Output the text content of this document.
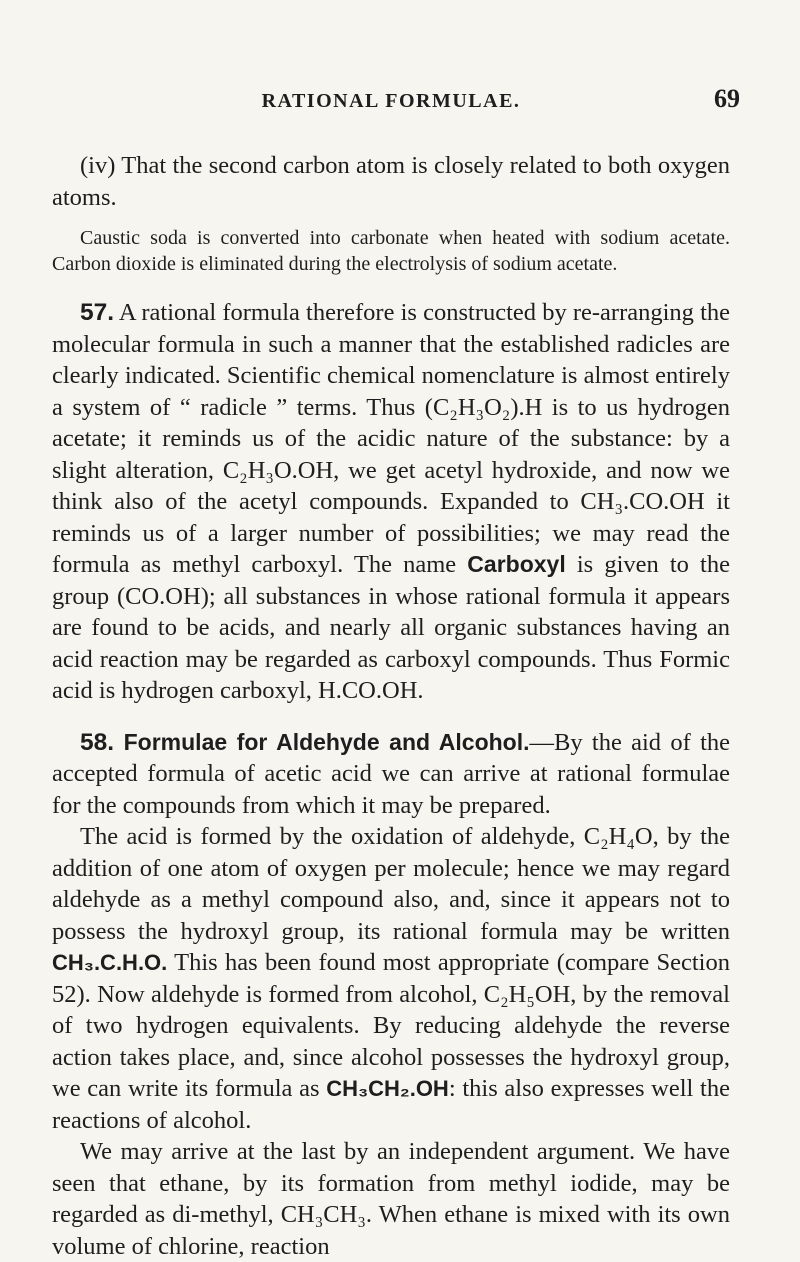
RATIONAL FORMULAE.	69

(iv) That the second carbon atom is closely related to both oxygen atoms.

Caustic soda is converted into carbonate when heated with sodium acetate. Carbon dioxide is eliminated during the electrolysis of sodium acetate.

57. A rational formula therefore is constructed by re-arranging the molecular formula in such a manner that the established radicles are clearly indicated. Scientific chemical nomenclature is almost entirely a system of “ radicle ” terms. Thus (C₂H₃O₂).H is to us hydrogen acetate; it reminds us of the acidic nature of the substance: by a slight alteration, C₂H₃O.OH, we get acetyl hydroxide, and now we think also of the acetyl compounds. Expanded to CH₃.CO.OH it reminds us of a larger number of possibilities; we may read the formula as methyl carboxyl. The name Carboxyl is given to the group (CO.OH); all substances in whose rational formula it appears are found to be acids, and nearly all organic substances having an acid reaction may be regarded as carboxyl compounds. Thus Formic acid is hydrogen carboxyl, H.CO.OH.

58. Formulae for Aldehyde and Alcohol.—By the aid of the accepted formula of acetic acid we can arrive at rational formulae for the compounds from which it may be prepared.

The acid is formed by the oxidation of aldehyde, C₂H₄O, by the addition of one atom of oxygen per molecule; hence we may regard aldehyde as a methyl compound also, and, since it appears not to possess the hydroxyl group, its rational formula may be written CH₃.C.H.O. This has been found most appropriate (compare Section 52). Now aldehyde is formed from alcohol, C₂H₅OH, by the removal of two hydrogen equivalents. By reducing aldehyde the reverse action takes place, and, since alcohol possesses the hydroxyl group, we can write its formula as CH₃CH₂.OH: this also expresses well the reactions of alcohol.

We may arrive at the last by an independent argument. We have seen that ethane, by its formation from methyl iodide, may be regarded as di-methyl, CH₃CH₃. When ethane is mixed with its own volume of chlorine, reaction
